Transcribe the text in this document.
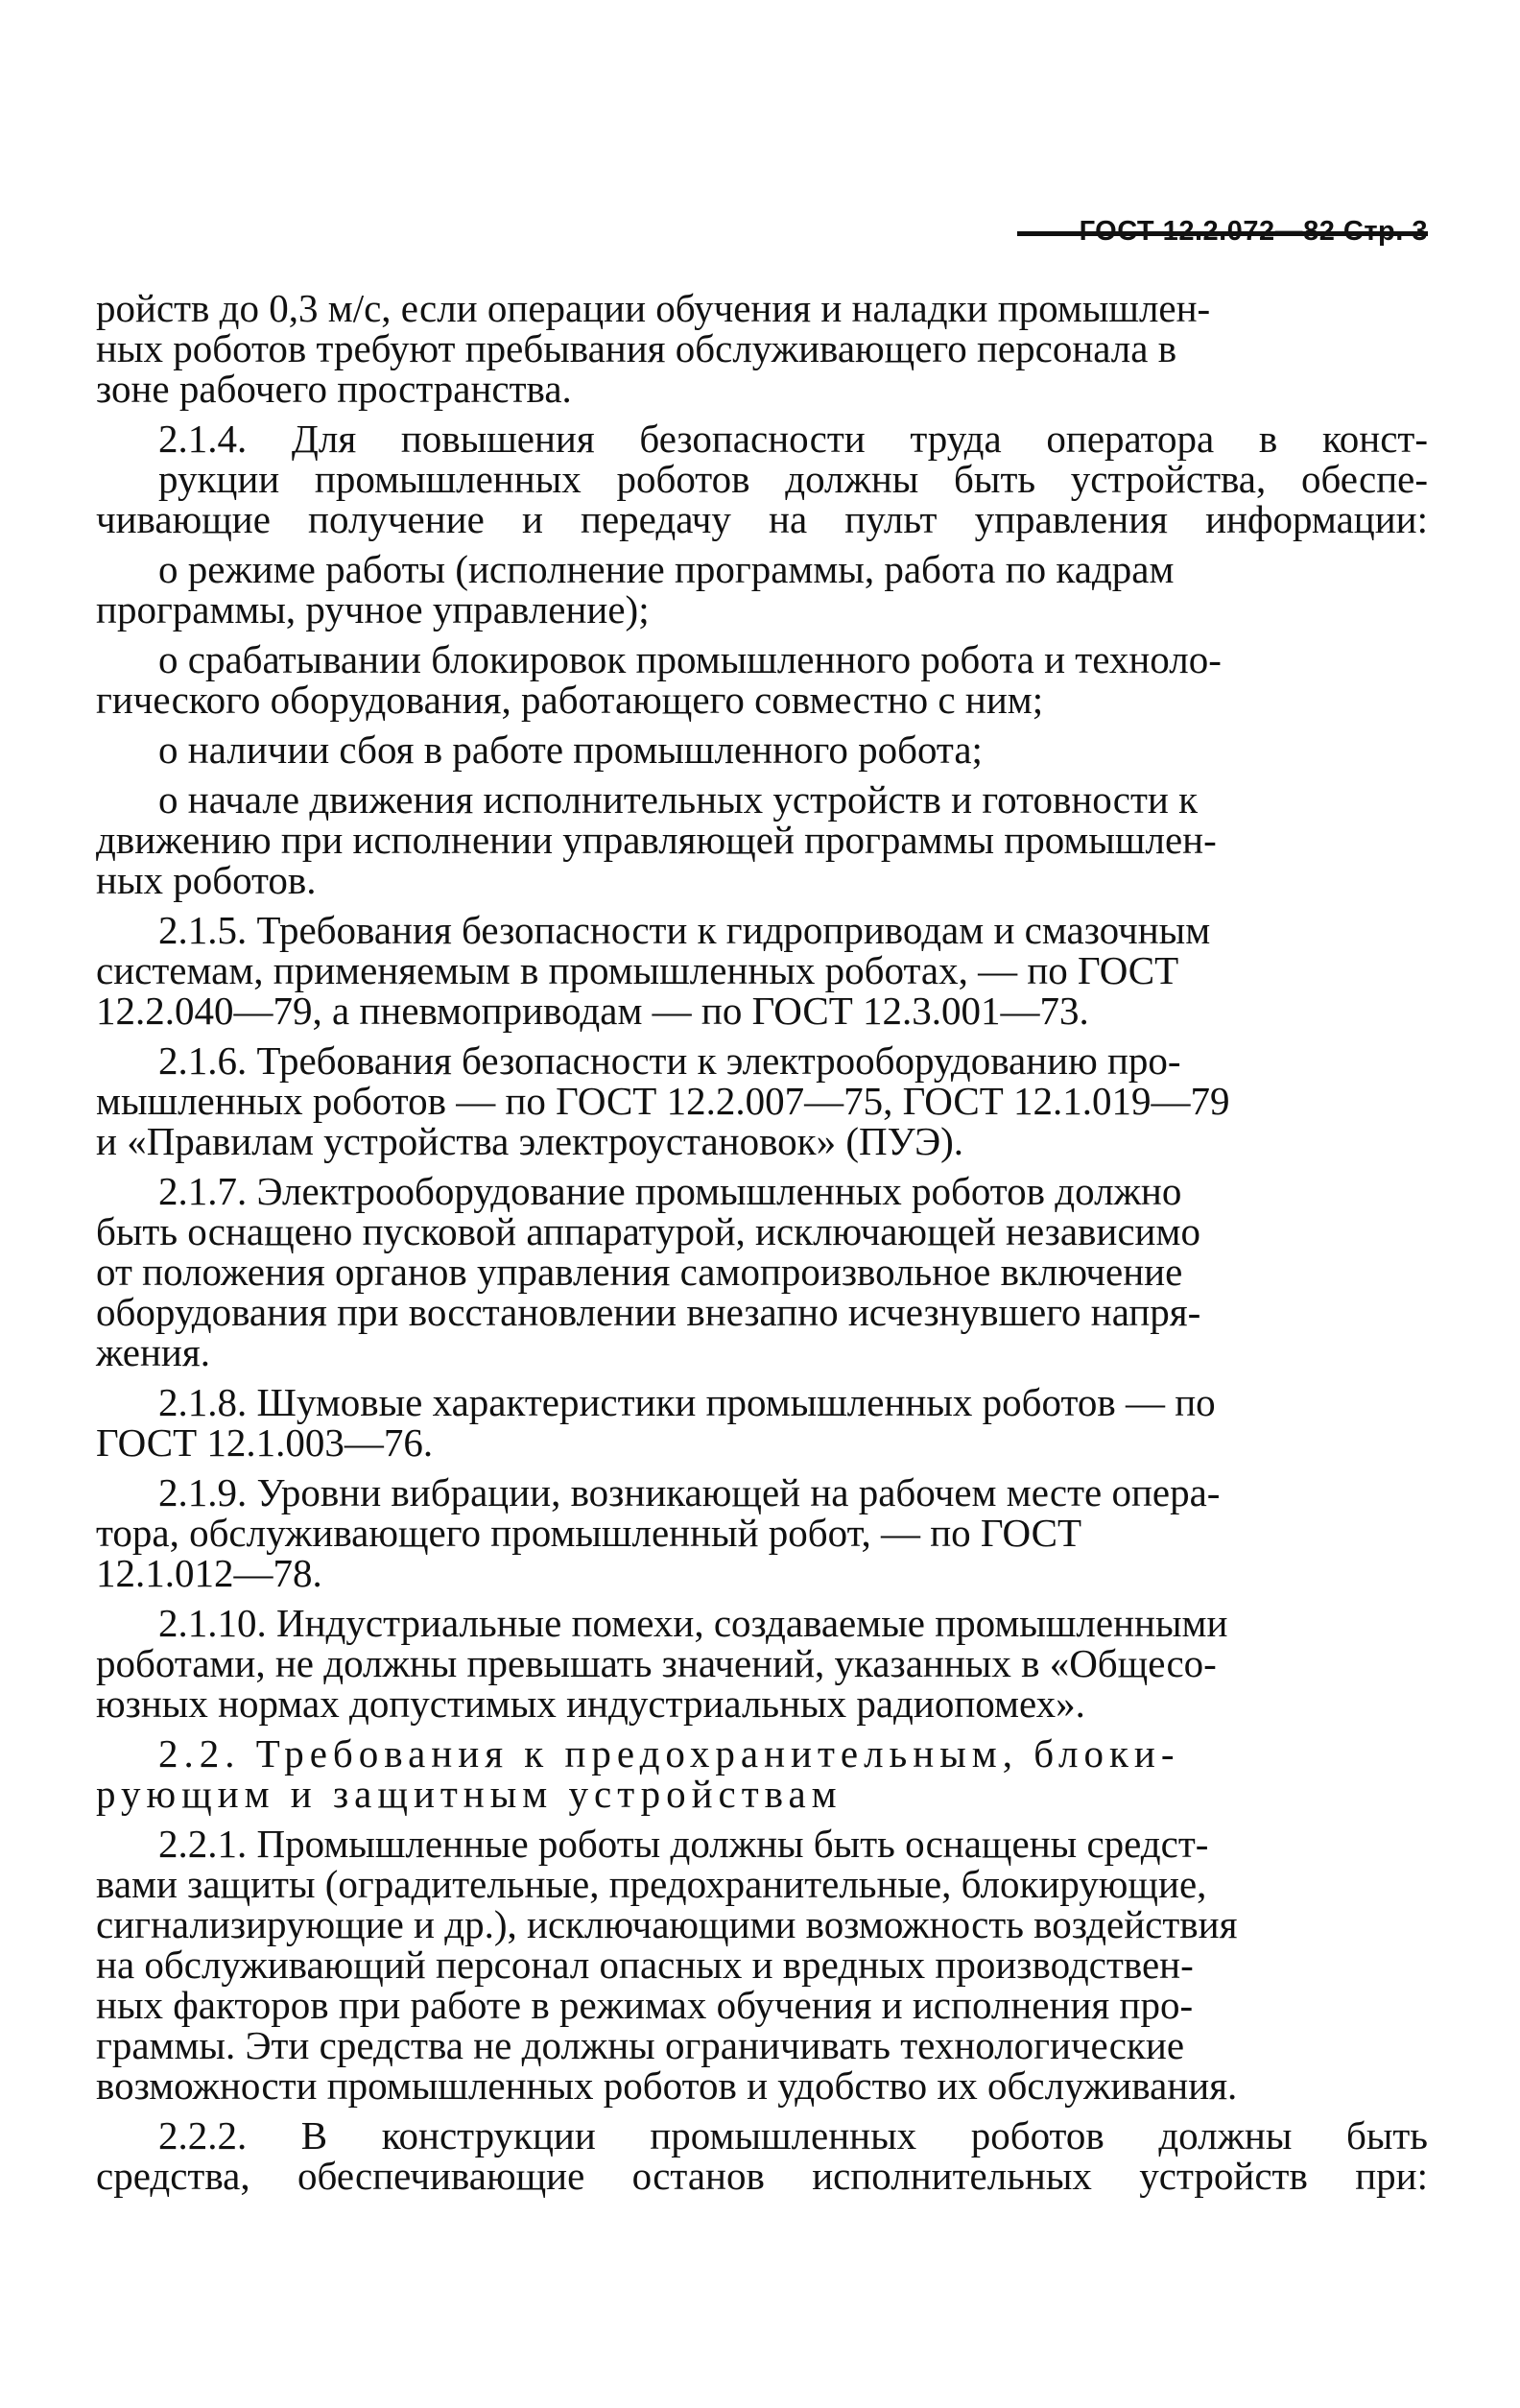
ройств до 0,3 м/с, если операции обучения и наладки промышлен-
ных роботов требуют пребывания обслуживающего персонала в
зоне рабочего пространства.

2.1.4. Для повышения безопасности труда оператора в конст-
рукции промышленных роботов должны быть устройства, обеспе-
чивающие получение и передачу на пульт управления информации:

о режиме работы (исполнение программы, работа по кадрам
программы, ручное управление);

о срабатывании блокировок промышленного робота и техноло-
гического оборудования, работающего совместно с ним;

о наличии сбоя в работе промышленного робота;

о начале движения исполнительных устройств и готовности к
движению при исполнении управляющей программы промышлен-
ных роботов.

2.1.5. Требования безопасности к гидроприводам и смазочным
системам, применяемым в промышленных роботах, — по ГОСТ
12.2.040—79, а пневмоприводам — по ГОСТ 12.3.001—73.

2.1.6. Требования безопасности к электрооборудованию про-
мышленных роботов — по ГОСТ 12.2.007—75, ГОСТ 12.1.019—79
и «Правилам устройства электроустановок» (ПУЭ).

2.1.7. Электрооборудование промышленных роботов должно
быть оснащено пусковой аппаратурой, исключающей независимо
от положения органов управления самопроизвольное включение
оборудования при восстановлении внезапно исчезнувшего напря-
жения.

2.1.8. Шумовые характеристики промышленных роботов — по
ГОСТ 12.1.003—76.

2.1.9. Уровни вибрации, возникающей на рабочем месте опера-
тора, обслуживающего промышленный робот, — по ГОСТ
12.1.012—78.

2.1.10. Индустриальные помехи, создаваемые промышленными
роботами, не должны превышать значений, указанных в «Общесо-
юзных нормах допустимых индустриальных радиопомех».

2.2. Требования к предохранительным, блоки-
рующим и защитным устройствам

2.2.1. Промышленные роботы должны быть оснащены средст-
вами защиты (оградительные, предохранительные, блокирующие,
сигнализирующие и др.), исключающими возможность воздействия
на обслуживающий персонал опасных и вредных производствен-
ных факторов при работе в режимах обучения и исполнения про-
граммы. Эти средства не должны ограничивать технологические
возможности промышленных роботов и удобство их обслуживания.

2.2.2. В конструкции промышленных роботов должны быть
средства, обеспечивающие останов исполнительных устройств при:
